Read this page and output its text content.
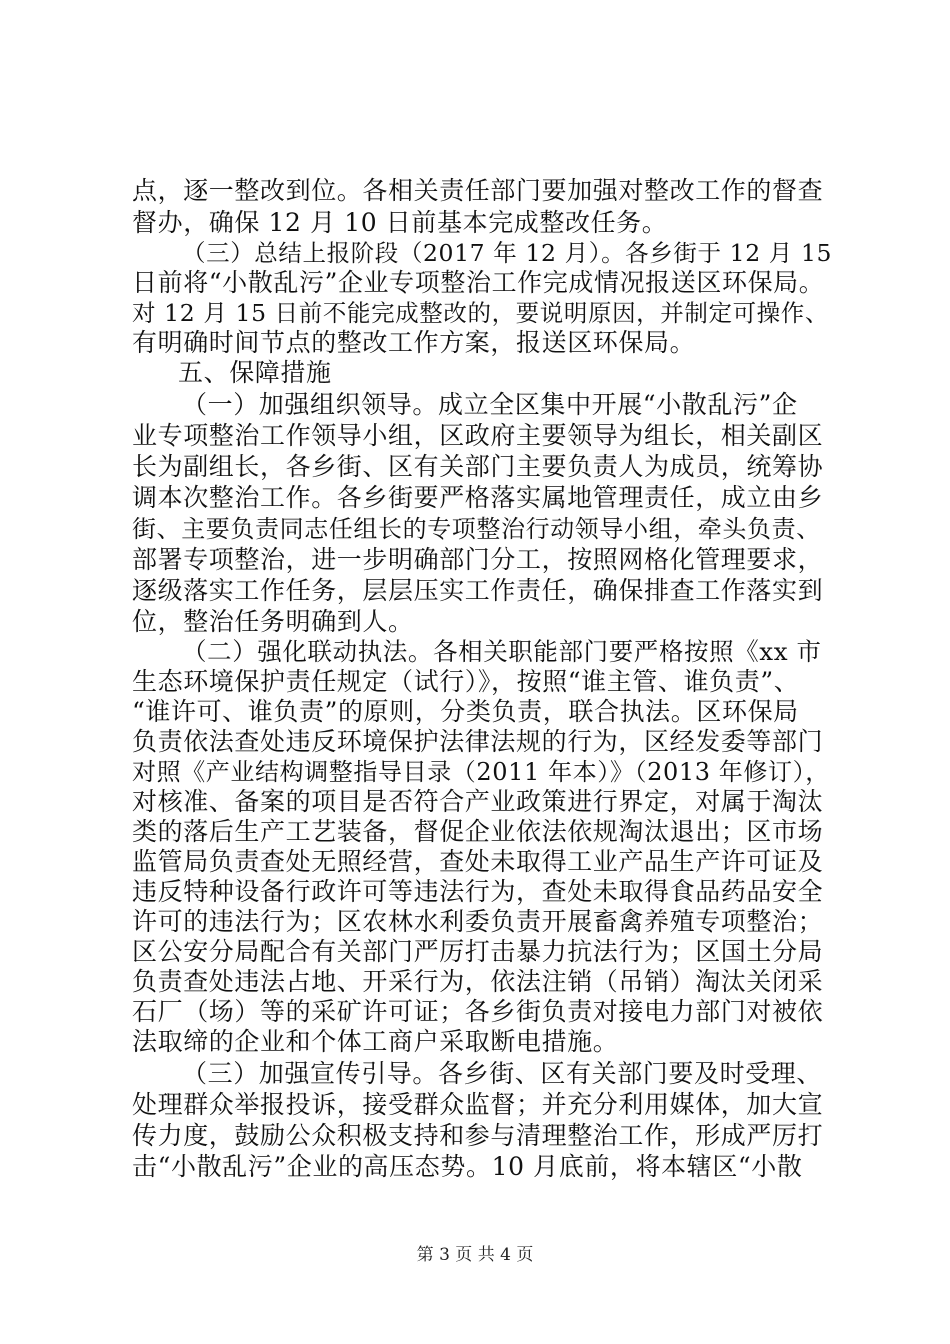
点，逐一整改到位。各相关责任部门要加强对整改工作的督查
督办，确保 12 月 10 日前基本完成整改任务。
（三）总结上报阶段（2017 年 12 月）。各乡街于 12 月 15
日前将“小散乱污”企业专项整治工作完成情况报送区环保局。
对 12 月 15 日前不能完成整改的，要说明原因，并制定可操作、
有明确时间节点的整改工作方案，报送区环保局。
五、保障措施
（一）加强组织领导。成立全区集中开展“小散乱污”企
业专项整治工作领导小组，区政府主要领导为组长，相关副区
长为副组长，各乡街、区有关部门主要负责人为成员，统筹协
调本次整治工作。各乡街要严格落实属地管理责任，成立由乡
街、主要负责同志任组长的专项整治行动领导小组，牵头负责、
部署专项整治，进一步明确部门分工，按照网格化管理要求，
逐级落实工作任务，层层压实工作责任，确保排查工作落实到
位，整治任务明确到人。
（二）强化联动执法。各相关职能部门要严格按照《xx 市
生态环境保护责任规定（试行）》，按照“谁主管、谁负责”、
“谁许可、谁负责”的原则，分类负责，联合执法。区环保局
负责依法查处违反环境保护法律法规的行为，区经发委等部门
对照《产业结构调整指导目录（2011 年本）》（2013 年修订），
对核准、备案的项目是否符合产业政策进行界定，对属于淘汰
类的落后生产工艺装备，督促企业依法依规淘汰退出；区市场
监管局负责查处无照经营，查处未取得工业产品生产许可证及
违反特种设备行政许可等违法行为，查处未取得食品药品安全
许可的违法行为；区农林水利委负责开展畜禽养殖专项整治；
区公安分局配合有关部门严厉打击暴力抗法行为；区国土分局
负责查处违法占地、开采行为，依法注销（吊销）淘汰关闭采
石厂（场）等的采矿许可证；各乡街负责对接电力部门对被依
法取缔的企业和个体工商户采取断电措施。
（三）加强宣传引导。各乡街、区有关部门要及时受理、
处理群众举报投诉，接受群众监督；并充分利用媒体，加大宣
传力度，鼓励公众积极支持和参与清理整治工作，形成严厉打
击“小散乱污”企业的高压态势。10 月底前，将本辖区“小散
第 3 页 共 4 页
